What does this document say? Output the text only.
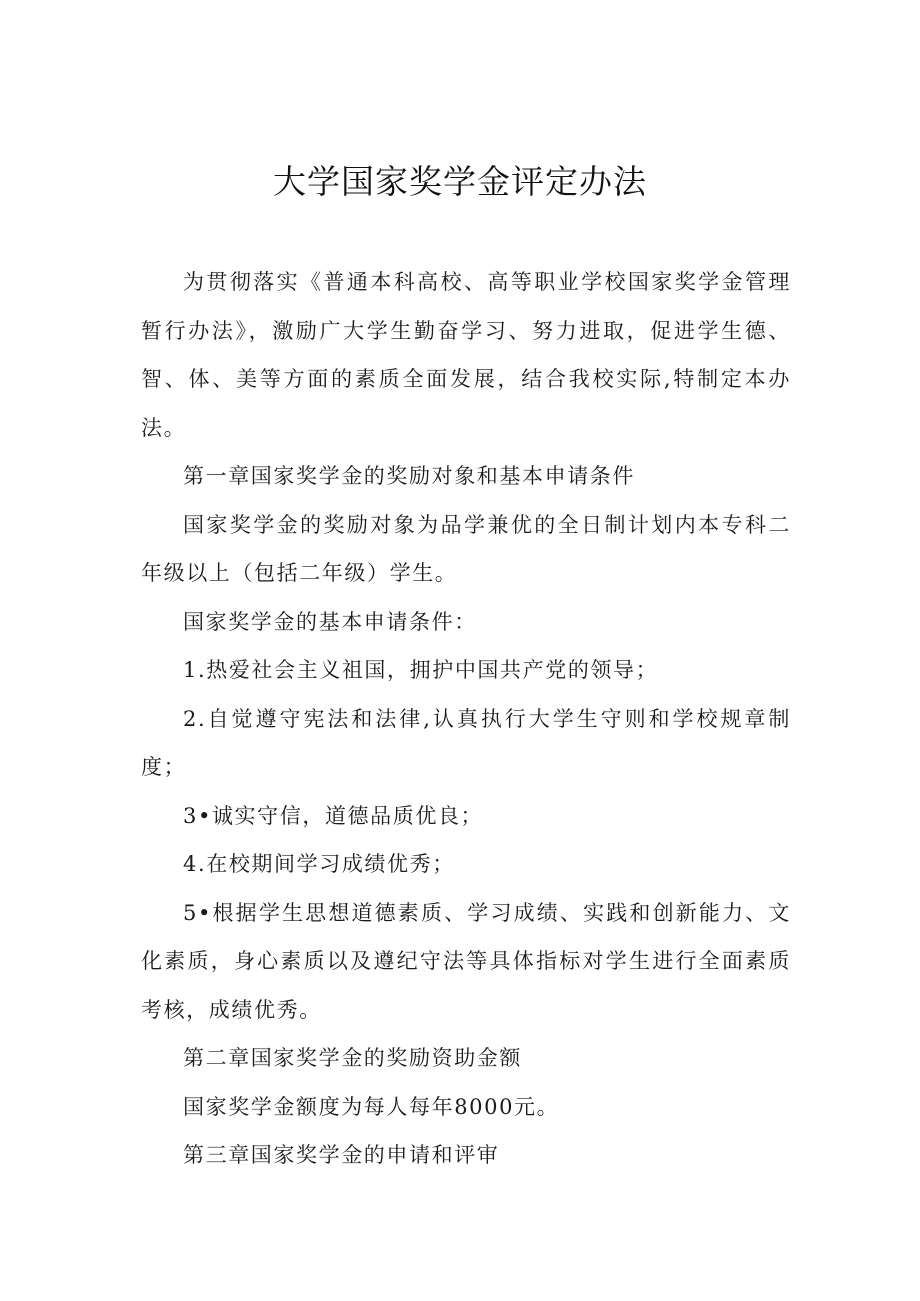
大学国家奖学金评定办法

为贯彻落实《普通本科高校、高等职业学校国家奖学金管理暂行办法》，激励广大学生勤奋学习、努力进取，促进学生德、智、体、美等方面的素质全面发展，结合我校实际,特制定本办法。

第一章国家奖学金的奖励对象和基本申请条件

国家奖学金的奖励对象为品学兼优的全日制计划内本专科二年级以上（包括二年级）学生。

国家奖学金的基本申请条件：

1.热爱社会主义祖国，拥护中国共产党的领导；

2.自觉遵守宪法和法律,认真执行大学生守则和学校规章制度；

3•诚实守信，道德品质优良；

4.在校期间学习成绩优秀；

5•根据学生思想道德素质、学习成绩、实践和创新能力、文化素质，身心素质以及遵纪守法等具体指标对学生进行全面素质考核，成绩优秀。

第二章国家奖学金的奖励资助金额

国家奖学金额度为每人每年8000元。

第三章国家奖学金的申请和评审
